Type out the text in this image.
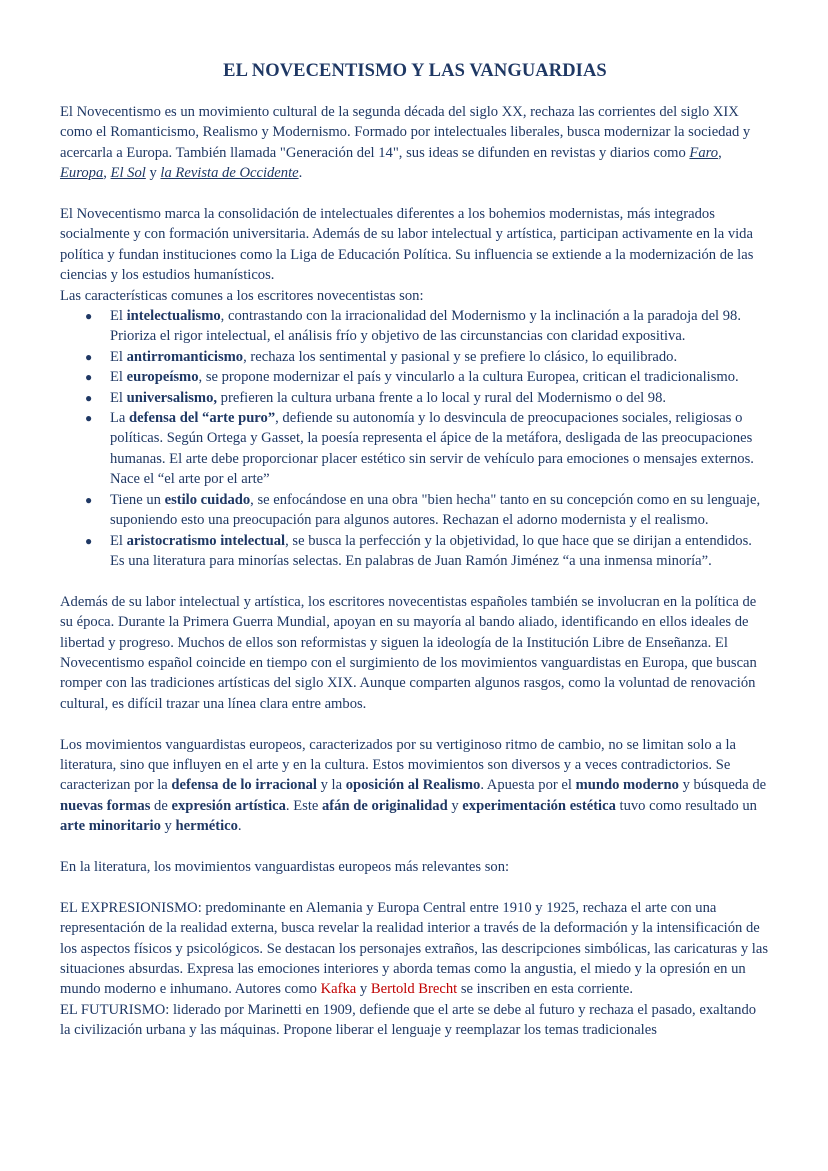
EL NOVECENTISMO Y LAS VANGUARDIAS

El Novecentismo es un movimiento cultural de la segunda década del siglo XX, rechaza las corrientes del siglo XIX como el Romanticismo, Realismo y Modernismo. Formado por intelectuales liberales, busca modernizar la sociedad y acercarla a Europa. También llamada "Generación del 14", sus ideas se difunden en revistas y diarios como Faro, Europa, El Sol y la Revista de Occidente.

El Novecentismo marca la consolidación de intelectuales diferentes a los bohemios modernistas, más integrados socialmente y con formación universitaria. Además de su labor intelectual y artística, participan activamente en la vida política y fundan instituciones como la Liga de Educación Política. Su influencia se extiende a la modernización de las ciencias y los estudios humanísticos.

Las características comunes a los escritores novecentistas son:

● El intelectualismo, contrastando con la irracionalidad del Modernismo y la inclinación a la paradoja del 98. Prioriza el rigor intelectual, el análisis frío y objetivo de las circunstancias con claridad expositiva.
● El antirromanticismo, rechaza los sentimental y pasional y se prefiere lo clásico, lo equilibrado.
● El europeísmo, se propone modernizar el país y vincularlo a la cultura Europea, critican el tradicionalismo.
● El universalismo, prefieren la cultura urbana frente a lo local y rural del Modernismo o del 98.
● La defensa del “arte puro”, defiende su autonomía y lo desvincula de preocupaciones sociales, religiosas o políticas. Según Ortega y Gasset, la poesía representa el ápice de la metáfora, desligada de las preocupaciones humanas. El arte debe proporcionar placer estético sin servir de vehículo para emociones o mensajes externos. Nace el “el arte por el arte”
● Tiene un estilo cuidado, se enfocándose en una obra "bien hecha" tanto en su concepción como en su lenguaje, suponiendo esto una preocupación para algunos autores. Rechazan el adorno modernista y el realismo.
● El aristocratismo intelectual, se busca la perfección y la objetividad, lo que hace que se dirijan a entendidos. Es una literatura para minorías selectas. En palabras de Juan Ramón Jiménez “a una inmensa minoría”.

Además de su labor intelectual y artística, los escritores novecentistas españoles también se involucran en la política de su época. Durante la Primera Guerra Mundial, apoyan en su mayoría al bando aliado, identificando en ellos ideales de libertad y progreso. Muchos de ellos son reformistas y siguen la ideología de la Institución Libre de Enseñanza. El Novecentismo español coincide en tiempo con el surgimiento de los movimientos vanguardistas en Europa, que buscan romper con las tradiciones artísticas del siglo XIX. Aunque comparten algunos rasgos, como la voluntad de renovación cultural, es difícil trazar una línea clara entre ambos.

Los movimientos vanguardistas europeos, caracterizados por su vertiginoso ritmo de cambio, no se limitan solo a la literatura, sino que influyen en el arte y en la cultura. Estos movimientos son diversos y a veces contradictorios. Se caracterizan por la defensa de lo irracional y la oposición al Realismo. Apuesta por el mundo moderno y búsqueda de nuevas formas de expresión artística. Este afán de originalidad y experimentación estética tuvo como resultado un arte minoritario y hermético.

En la literatura, los movimientos vanguardistas europeos más relevantes son:

EL EXPRESIONISMO: predominante en Alemania y Europa Central entre 1910 y 1925, rechaza el arte con una representación de la realidad externa, busca revelar la realidad interior a través de la deformación y la intensificación de los aspectos físicos y psicológicos. Se destacan los personajes extraños, las descripciones simbólicas, las caricaturas y las situaciones absurdas. Expresa las emociones interiores y aborda temas como la angustia, el miedo y la opresión en un mundo moderno e inhumano. Autores como Kafka y Bertold Brecht se inscriben en esta corriente.

EL FUTURISMO: liderado por Marinetti en 1909, defiende que el arte se debe al futuro y rechaza el pasado, exaltando la civilización urbana y las máquinas. Propone liberar el lenguaje y reemplazar los temas tradicionales
